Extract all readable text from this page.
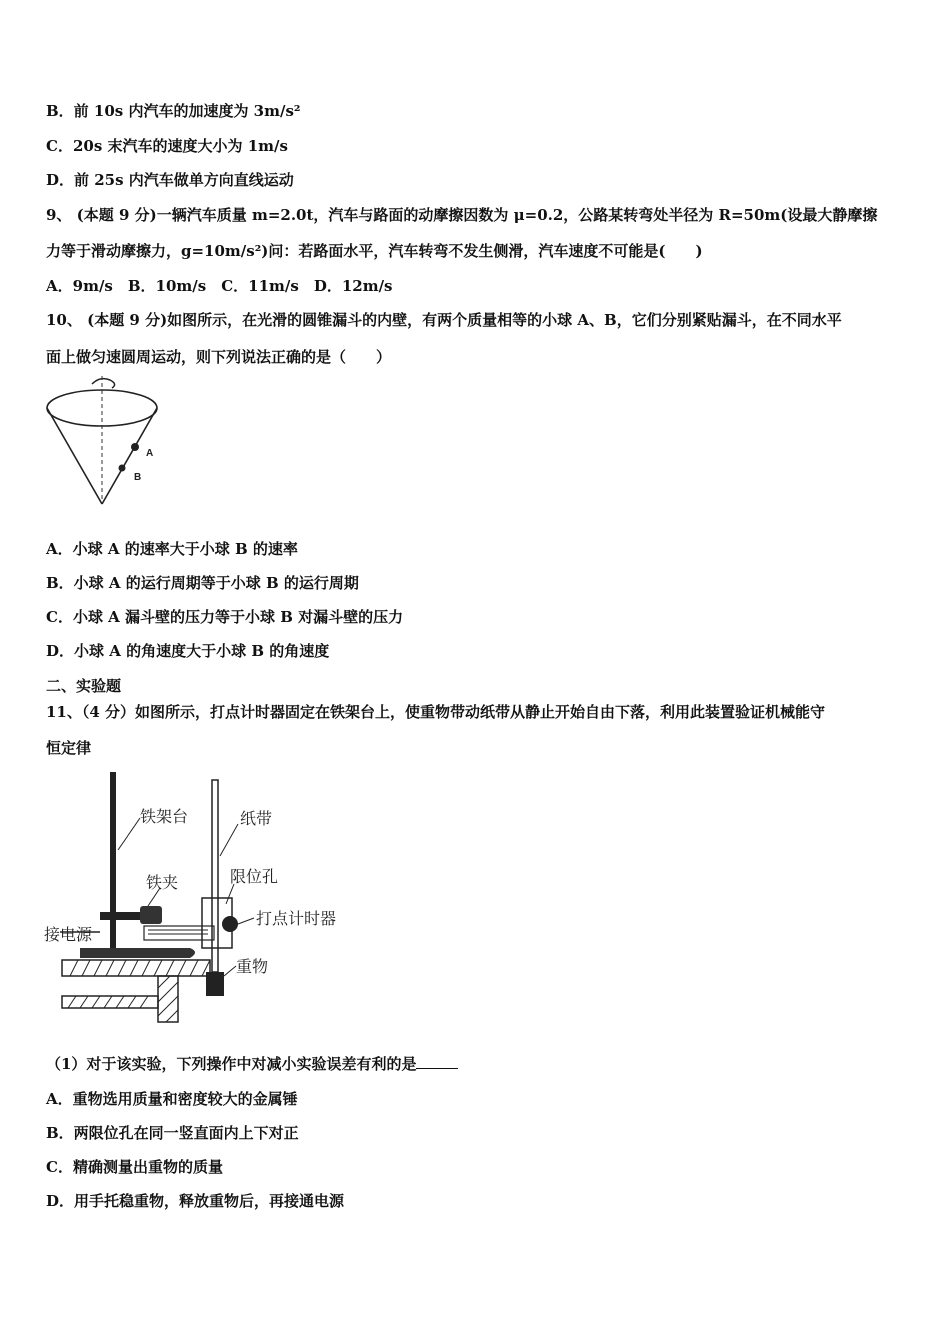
B．前 10s 内汽车的加速度为 3m/s²
C．20s 末汽车的速度大小为 1m/s
D．前 25s 内汽车做单方向直线运动
9、 (本题 9 分)一辆汽车质量 m=2.0t，汽车与路面的动摩擦因数为 μ=0.2，公路某转弯处半径为 R=50m(设最大静摩擦
力等于滑动摩擦力，g=10m/s²)问：若路面水平，汽车转弯不发生侧滑，汽车速度不可能是(　　)
A．9m/s　B．10m/s　C．11m/s　D．12m/s
10、 (本题 9 分)如图所示，在光滑的圆锥漏斗的内壁，有两个质量相等的小球 A、B，它们分别紧贴漏斗，在不同水平
面上做匀速圆周运动，则下列说法正确的是（　　）
A
B
A．小球 A 的速率大于小球 B 的速率
B．小球 A 的运行周期等于小球 B 的运行周期
C．小球 A 漏斗壁的压力等于小球 B 对漏斗壁的压力
D．小球 A 的角速度大于小球 B 的角速度
二、实验题
11、（4 分）如图所示，打点计时器固定在铁架台上，使重物带动纸带从静止开始自由下落，利用此装置验证机械能守
恒定律
铁架台	纸带
铁夹	限位孔
打点计时器
接电源
重物
（1）对于该实验，下列操作中对减小实验误差有利的是
A．重物选用质量和密度较大的金属锤
B．两限位孔在同一竖直面内上下对正
C．精确测量出重物的质量
D．用手托稳重物，释放重物后，再接通电源
